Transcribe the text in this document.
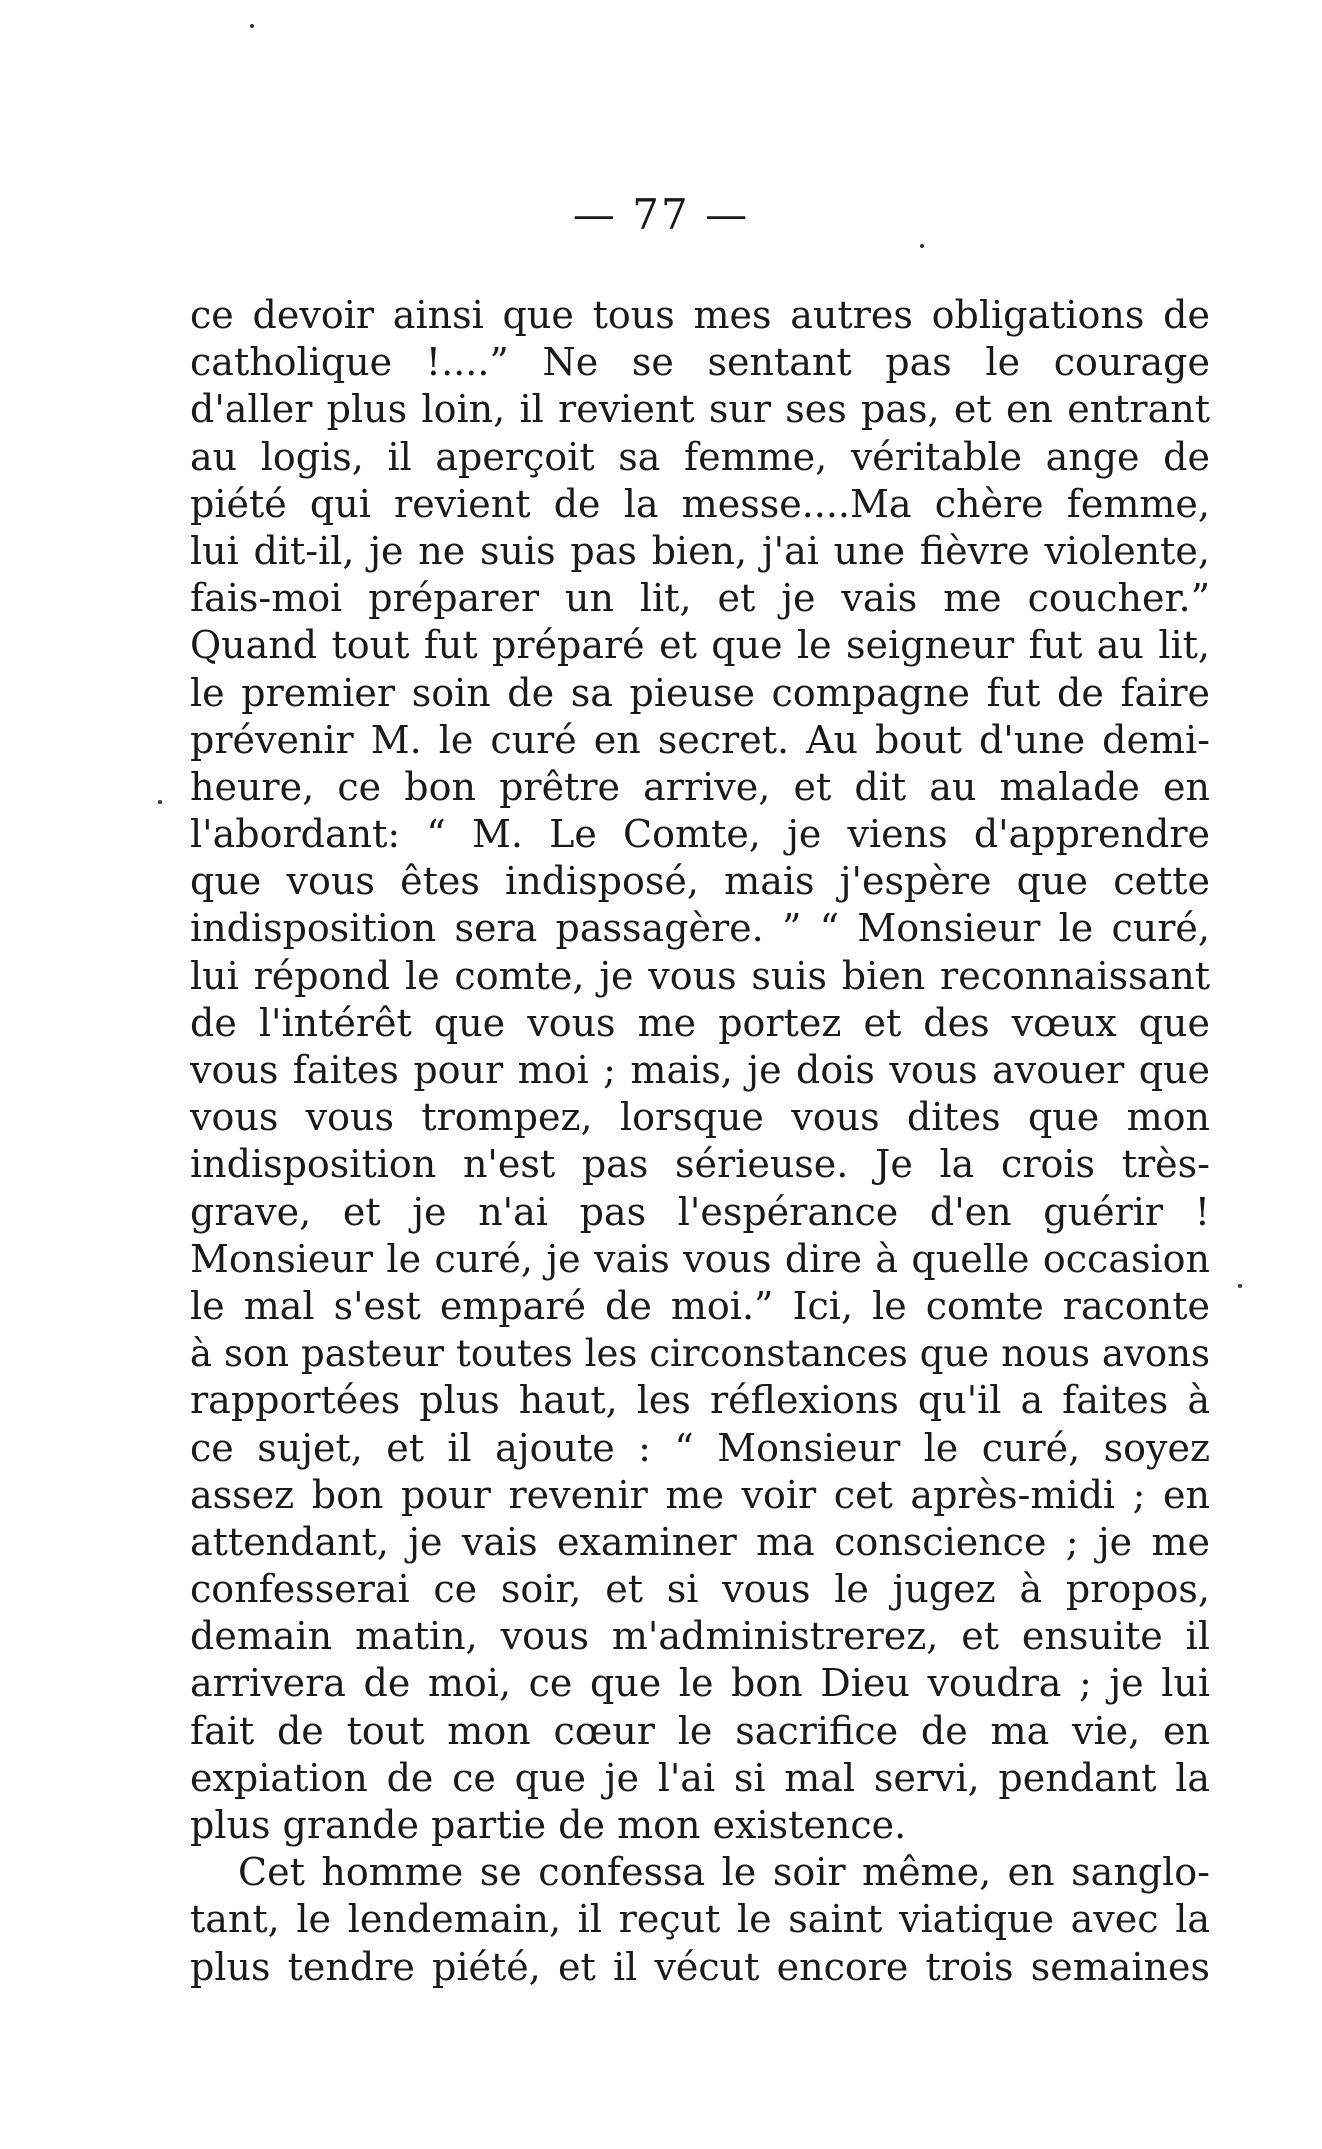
— 77 —
ce devoir ainsi que tous mes autres obligations de
catholique !....” Ne se sentant pas le courage
d'aller plus loin, il revient sur ses pas, et en entrant
au logis, il aperçoit sa femme, véritable ange de
piété qui revient de la messe....Ma chère femme,
lui dit-il, je ne suis pas bien, j'ai une fièvre violente,
fais-moi préparer un lit, et je vais me coucher.”
Quand tout fut préparé et que le seigneur fut au lit,
le premier soin de sa pieuse compagne fut de faire
prévenir M. le curé en secret. Au bout d'une demi-
heure, ce bon prêtre arrive, et dit au malade en
l'abordant: “ M. Le Comte, je viens d'apprendre
que vous êtes indisposé, mais j'espère que cette
indisposition sera passagère. ” “ Monsieur le curé,
lui répond le comte, je vous suis bien reconnaissant
de l'intérêt que vous me portez et des vœux que
vous faites pour moi ; mais, je dois vous avouer que
vous vous trompez, lorsque vous dites que mon
indisposition n'est pas sérieuse. Je la crois très-
grave, et je n'ai pas l'espérance d'en guérir !
Monsieur le curé, je vais vous dire à quelle occasion
le mal s'est emparé de moi.” Ici, le comte raconte
à son pasteur toutes les circonstances que nous avons
rapportées plus haut, les réflexions qu'il a faites à
ce sujet, et il ajoute : “ Monsieur le curé, soyez
assez bon pour revenir me voir cet après-midi ; en
attendant, je vais examiner ma conscience ; je me
confesserai ce soir, et si vous le jugez à propos,
demain matin, vous m'administrerez, et ensuite il
arrivera de moi, ce que le bon Dieu voudra ; je lui
fait de tout mon cœur le sacrifice de ma vie, en
expiation de ce que je l'ai si mal servi, pendant la
plus grande partie de mon existence.
Cet homme se confessa le soir même, en sanglo-
tant, le lendemain, il reçut le saint viatique avec la
plus tendre piété, et il vécut encore trois semaines
